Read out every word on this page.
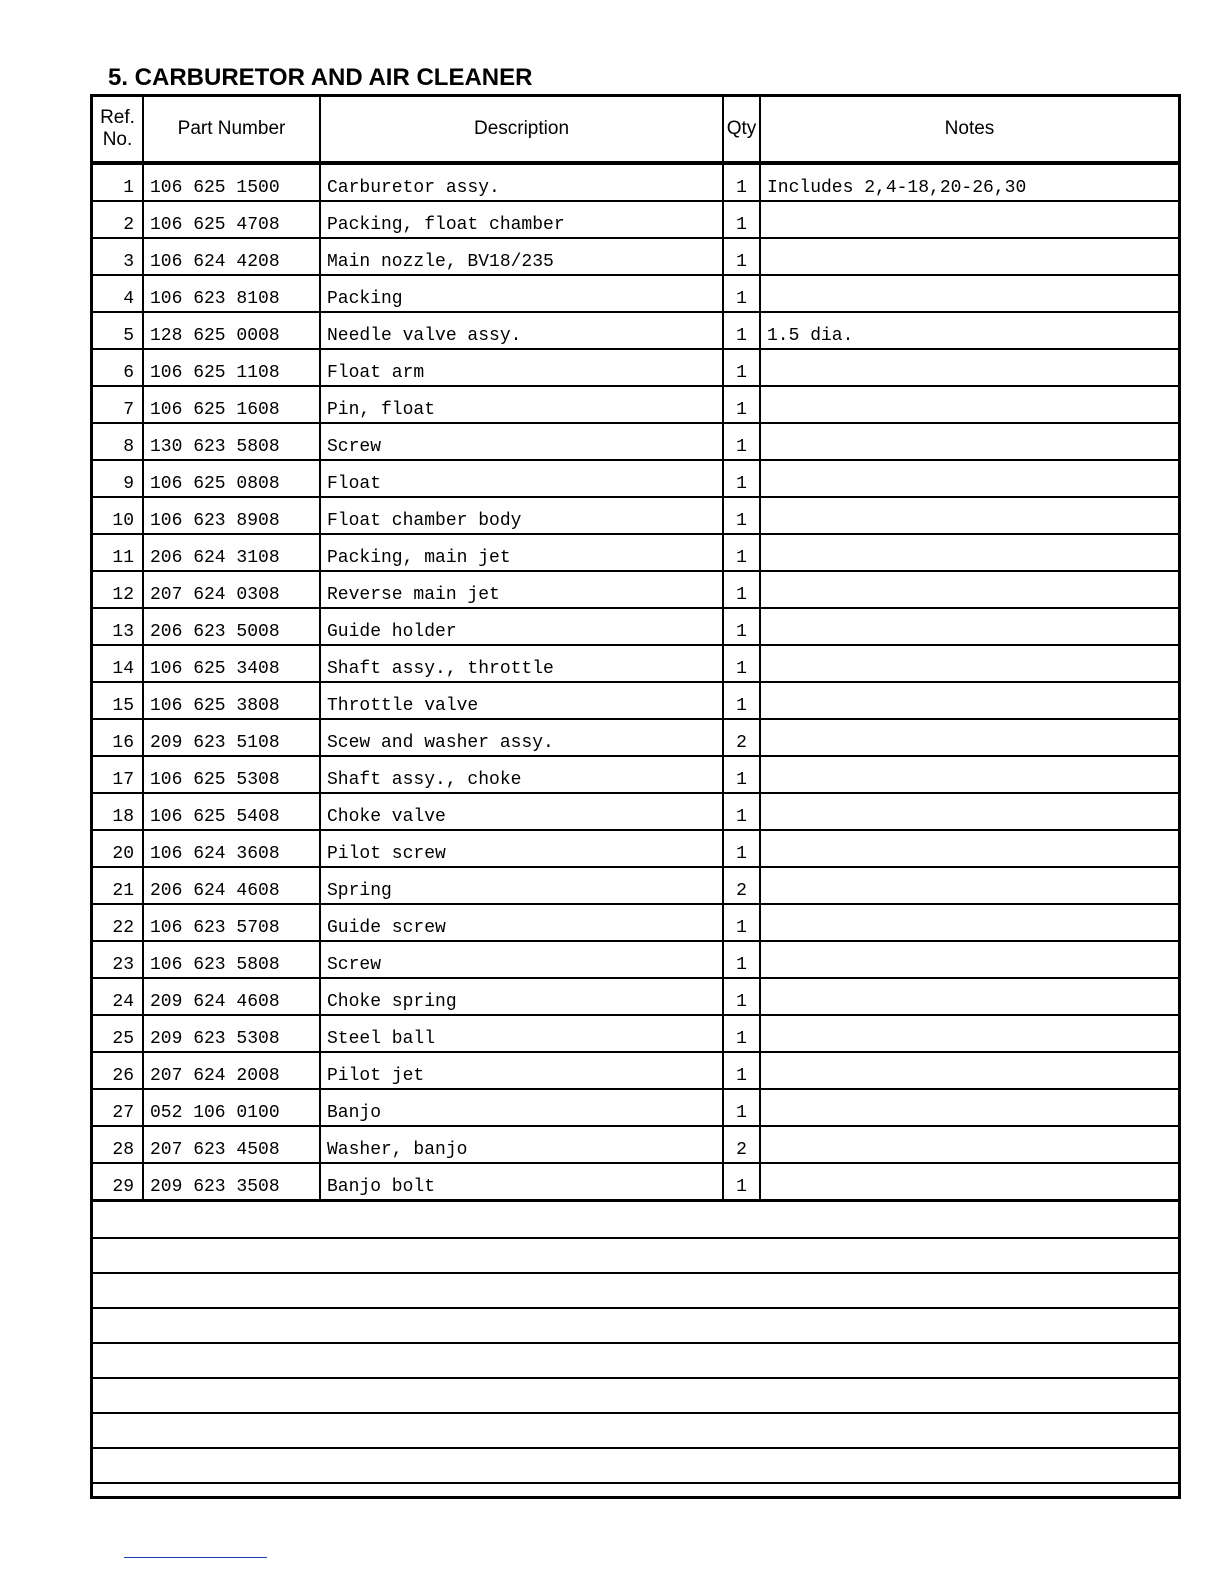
5. CARBURETOR AND AIR CLEANER
Ref.
No.	Part Number	Description	Qty	Notes
1	106 625 1500	Carburetor assy.	1	Includes 2,4-18,20-26,30
2	106 625 4708	Packing, float chamber	1	
3	106 624 4208	Main nozzle, BV18/235	1	
4	106 623 8108	Packing	1	
5	128 625 0008	Needle valve assy.	1	1.5 dia.
6	106 625 1108	Float arm	1	
7	106 625 1608	Pin, float	1	
8	130 623 5808	Screw	1	
9	106 625 0808	Float	1	
10	106 623 8908	Float chamber body	1	
11	206 624 3108	Packing, main jet	1	
12	207 624 0308	Reverse main jet	1	
13	206 623 5008	Guide holder	1	
14	106 625 3408	Shaft assy., throttle	1	
15	106 625 3808	Throttle valve	1	
16	209 623 5108	Scew and washer assy.	2	
17	106 625 5308	Shaft assy., choke	1	
18	106 625 5408	Choke valve	1	
20	106 624 3608	Pilot screw	1	
21	206 624 4608	Spring	2	
22	106 623 5708	Guide screw	1	
23	106 623 5808	Screw	1	
24	209 624 4608	Choke spring	1	
25	209 623 5308	Steel ball	1	
26	207 624 2008	Pilot jet	1	
27	052 106 0100	Banjo	1	
28	207 623 4508	Washer, banjo	2	
29	209 623 3508	Banjo bolt	1	
